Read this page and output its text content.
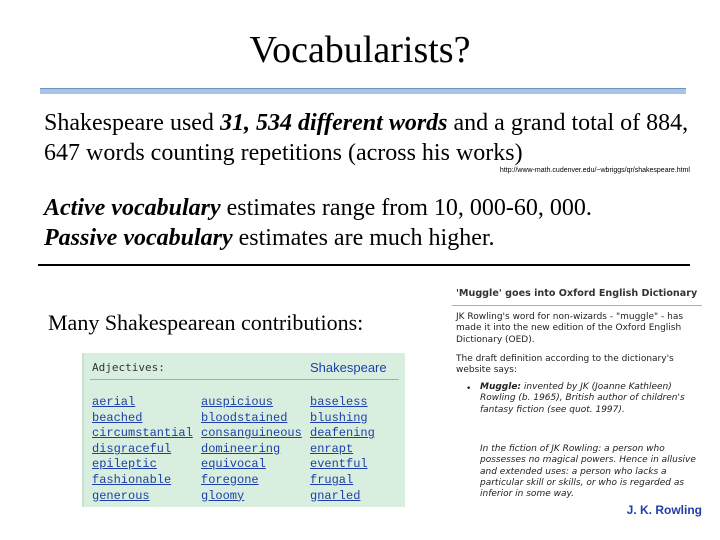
Vocabularists?
Shakespeare used 31, 534 different words and a grand total of 884, 647 words counting repetitions (across his works)
http://www-math.cudenver.edu/~wbriggs/qr/shakespeare.html
Active vocabulary estimates range from 10, 000-60, 000.
Passive vocabulary estimates are much higher.
Many Shakespearean contributions:
Adjectives:
aerial
beached
circumstantial
disgraceful
epileptic
fashionable
generous
auspicious
bloodstained
consanguineous
domineering
equivocal
foregone
gloomy
baseless
blushing
deafening
enrapt
eventful
frugal
gnarled
Shakespeare
'Muggle' goes into Oxford English Dictionary
JK Rowling's word for non-wizards - "muggle" - has made it into the new edition of the Oxford English Dictionary (OED).
The draft definition according to the dictionary's website says:
• Muggle: invented by JK (Joanne Kathleen) Rowling (b. 1965), British author of children's fantasy fiction (see quot. 1997).
In the fiction of JK Rowling: a person who possesses no magical powers. Hence in allusive and extended uses: a person who lacks a particular skill or skills, or who is regarded as inferior in some way.
J. K. Rowling
